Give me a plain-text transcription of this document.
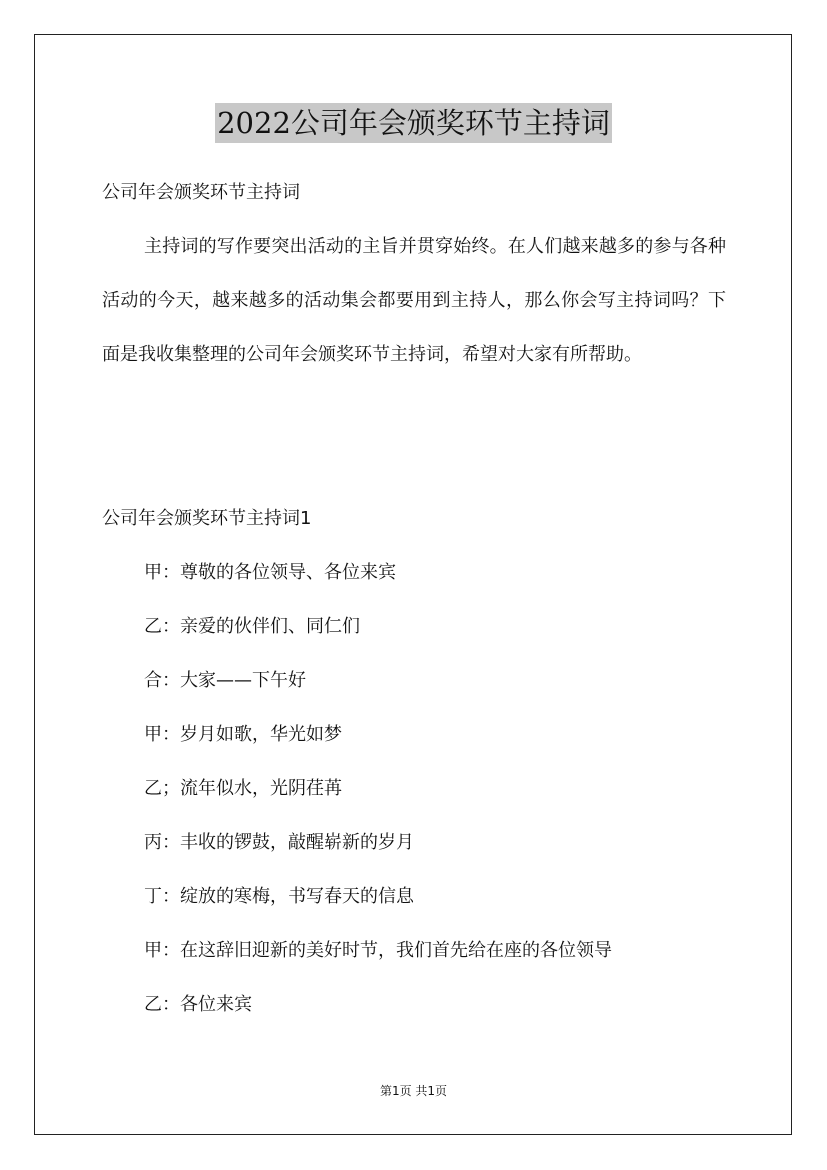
2022公司年会颁奖环节主持词
公司年会颁奖环节主持词
主持词的写作要突出活动的主旨并贯穿始终。在人们越来越多的参与各种活动的今天，越来越多的活动集会都要用到主持人，那么你会写主持词吗？下面是我收集整理的公司年会颁奖环节主持词，希望对大家有所帮助。
公司年会颁奖环节主持词1
甲：尊敬的各位领导、各位来宾
乙：亲爱的伙伴们、同仁们
合：大家——下午好
甲：岁月如歌，华光如梦
乙；流年似水，光阴荏苒
丙：丰收的锣鼓，敲醒崭新的岁月
丁：绽放的寒梅，书写春天的信息
甲：在这辞旧迎新的美好时节，我们首先给在座的各位领导
乙：各位来宾
第1页 共1页
